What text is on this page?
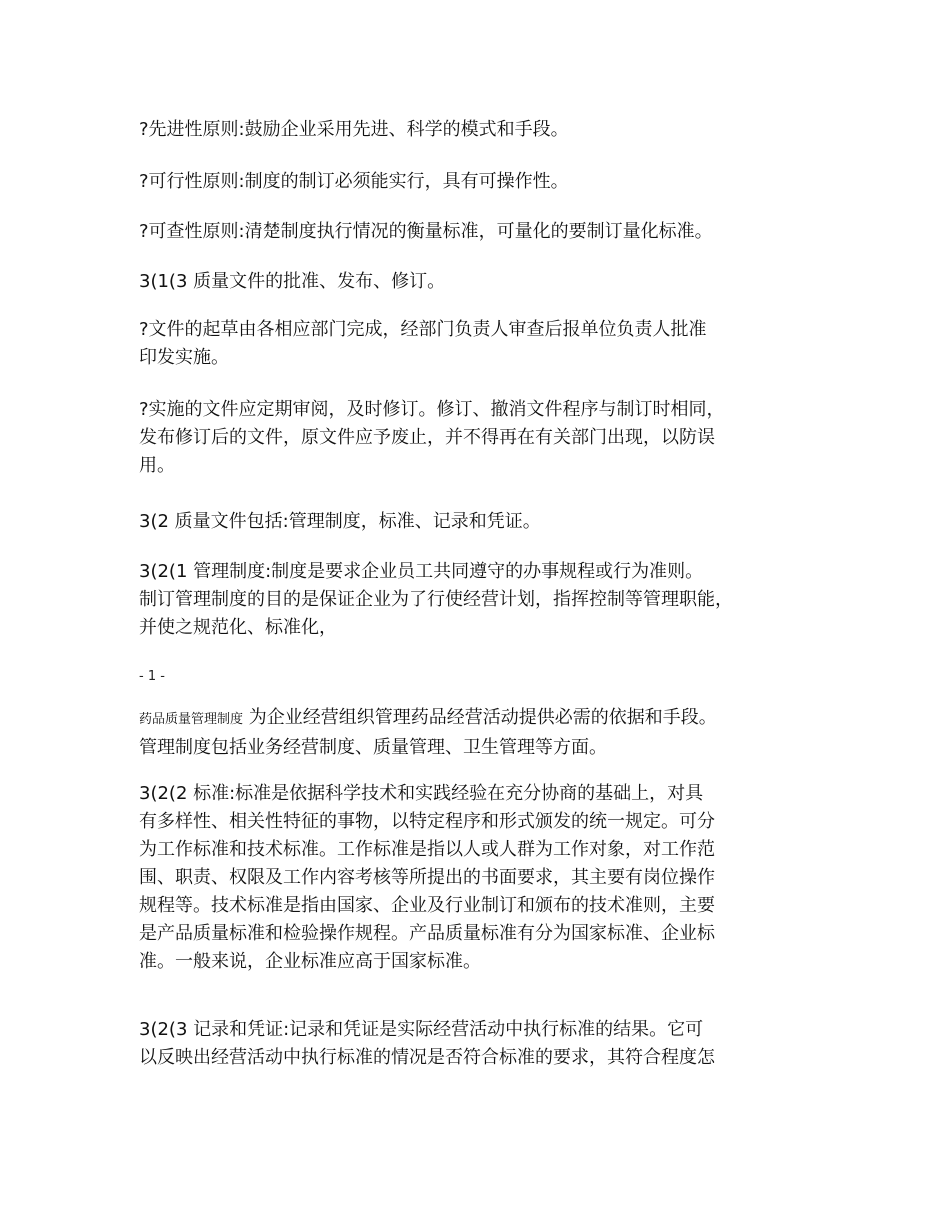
?先进性原则:鼓励企业采用先进、科学的模式和手段。

?可行性原则:制度的制订必须能实行，具有可操作性。

?可查性原则:清楚制度执行情况的衡量标准，可量化的要制订量化标准。

3(1(3 质量文件的批准、发布、修订。

?文件的起草由各相应部门完成，经部门负责人审查后报单位负责人批准
印发实施。

?实施的文件应定期审阅，及时修订。修订、撤消文件程序与制订时相同，
发布修订后的文件，原文件应予废止，并不得再在有关部门出现，以防误
用。

3(2 质量文件包括:管理制度，标准、记录和凭证。

3(2(1 管理制度:制度是要求企业员工共同遵守的办事规程或行为准则。
制订管理制度的目的是保证企业为了行使经营计划，指挥控制等管理职能，
并使之规范化、标准化，

- 1 -

药品质量管理制度 为企业经营组织管理药品经营活动提供必需的依据和手段。
管理制度包括业务经营制度、质量管理、卫生管理等方面。

3(2(2 标准:标准是依据科学技术和实践经验在充分协商的基础上，对具
有多样性、相关性特征的事物，以特定程序和形式颁发的统一规定。可分
为工作标准和技术标准。工作标准是指以人或人群为工作对象，对工作范
围、职责、权限及工作内容考核等所提出的书面要求，其主要有岗位操作
规程等。技术标准是指由国家、企业及行业制订和颁布的技术准则，主要
是产品质量标准和检验操作规程。产品质量标准有分为国家标准、企业标
准。一般来说，企业标准应高于国家标准。

3(2(3 记录和凭证:记录和凭证是实际经营活动中执行标准的结果。它可
以反映出经营活动中执行标准的情况是否符合标准的要求，其符合程度怎
